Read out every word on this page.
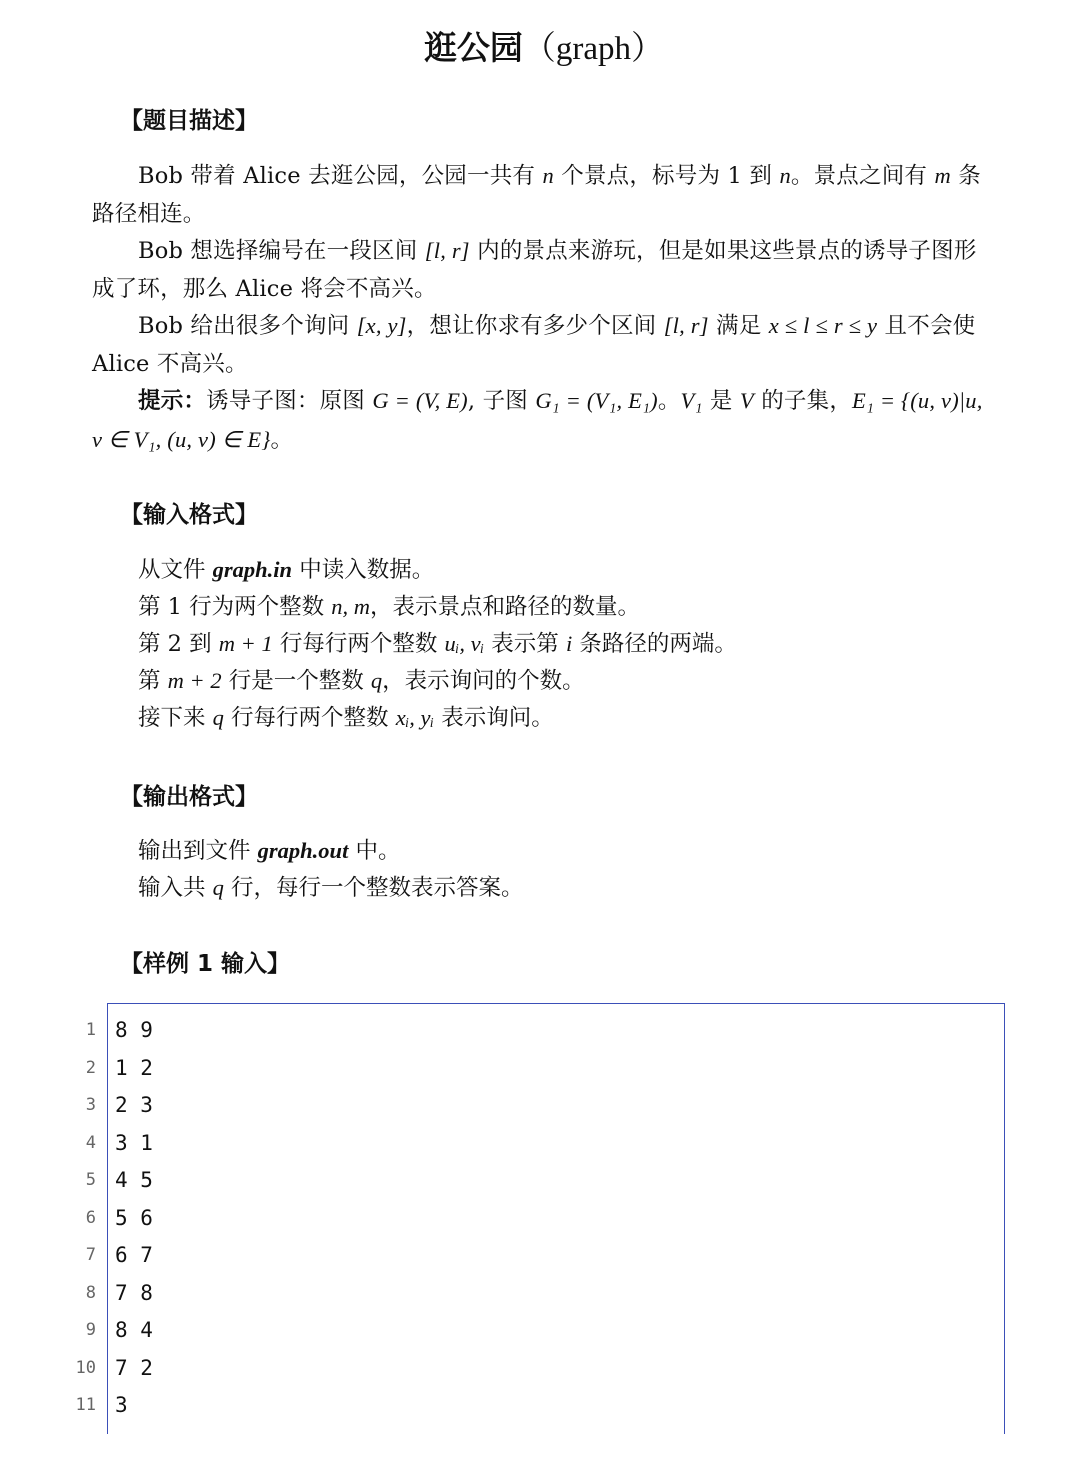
逛公园（graph）
【题目描述】
Bob 带着 Alice 去逛公园，公园一共有 n 个景点，标号为 1 到 n。景点之间有 m 条路径相连。
Bob 想选择编号在一段区间 [l, r] 内的景点来游玩，但是如果这些景点的诱导子图形成了环，那么 Alice 将会不高兴。
Bob 给出很多个询问 [x, y]，想让你求有多少个区间 [l, r] 满足 x ≤ l ≤ r ≤ y 且不会使 Alice 不高兴。
提示：诱导子图：原图 G = (V, E), 子图 G₁ = (V₁, E₁)。V₁ 是 V 的子集，E₁ = {(u, v)|u, v ∈ V₁, (u, v) ∈ E}。
【输入格式】
从文件 graph.in 中读入数据。
第 1 行为两个整数 n, m，表示景点和路径的数量。
第 2 到 m + 1 行每行两个整数 uᵢ, vᵢ 表示第 i 条路径的两端。
第 m + 2 行是一个整数 q，表示询问的个数。
接下来 q 行每行两个整数 xᵢ, yᵢ 表示询问。
【输出格式】
输出到文件 graph.out 中。
输入共 q 行，每行一个整数表示答案。
【样例 1 输入】
1
2
3
4
5
6
7
8
9
10
11
8 9
1 2
2 3
3 1
4 5
5 6
6 7
7 8
8 4
7 2
3
